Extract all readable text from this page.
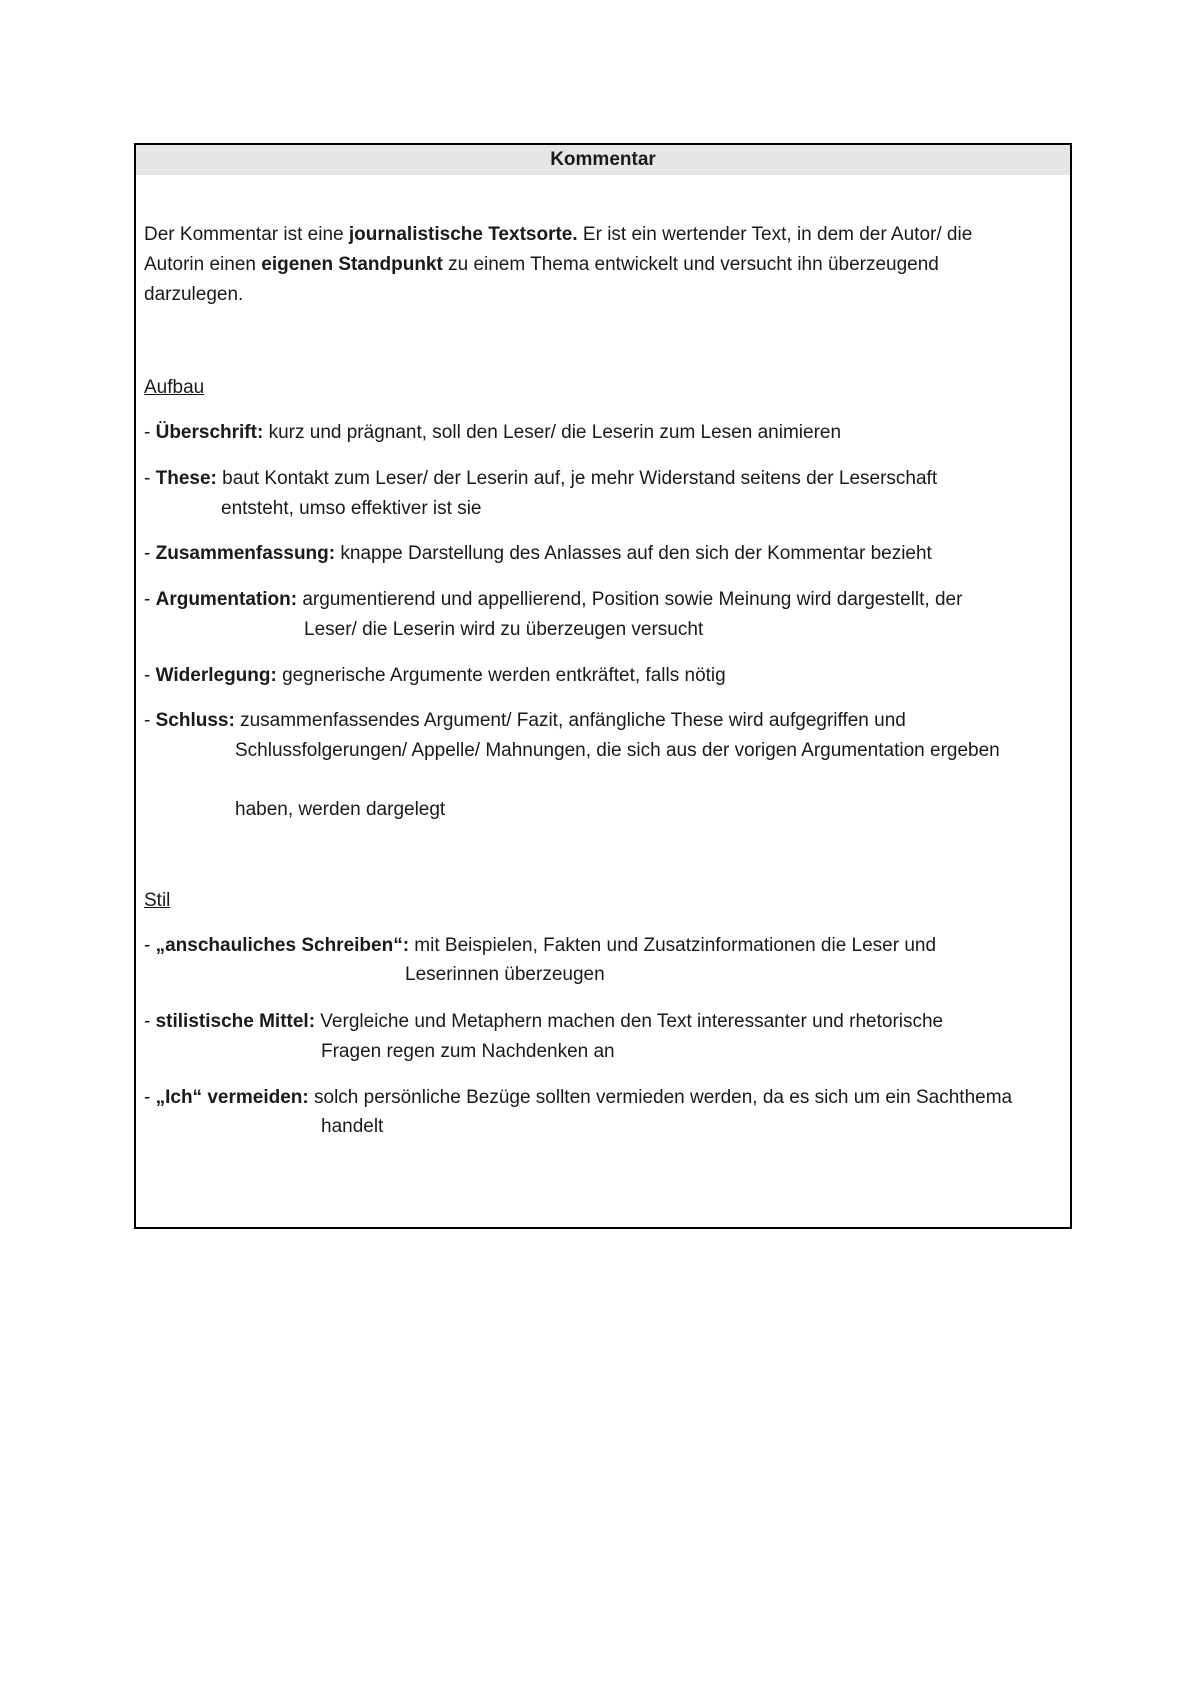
Kommentar
Der Kommentar ist eine journalistische Textsorte. Er ist ein wertender Text, in dem der Autor/ die
Autorin einen eigenen Standpunkt zu einem Thema entwickelt und versucht ihn überzeugend
darzulegen.
Aufbau
- Überschrift: kurz und prägnant, soll den Leser/ die Leserin zum Lesen animieren
- These: baut Kontakt zum Leser/ der Leserin auf, je mehr Widerstand seitens der Leserschaft
entsteht, umso effektiver ist sie
- Zusammenfassung: knappe Darstellung des Anlasses auf den sich der Kommentar bezieht
- Argumentation: argumentierend und appellierend, Position sowie Meinung wird dargestellt, der
Leser/ die Leserin wird zu überzeugen versucht
- Widerlegung: gegnerische Argumente werden entkräftet, falls nötig
- Schluss: zusammenfassendes Argument/ Fazit, anfängliche These wird aufgegriffen und
Schlussfolgerungen/ Appelle/ Mahnungen, die sich aus der vorigen Argumentation ergeben
haben, werden dargelegt
Stil
- „anschauliches Schreiben“: mit Beispielen, Fakten und Zusatzinformationen die Leser und
Leserinnen überzeugen
- stilistische Mittel: Vergleiche und Metaphern machen den Text interessanter und rhetorische
Fragen regen zum Nachdenken an
- „Ich“ vermeiden: solch persönliche Bezüge sollten vermieden werden, da es sich um ein Sachthema
handelt
